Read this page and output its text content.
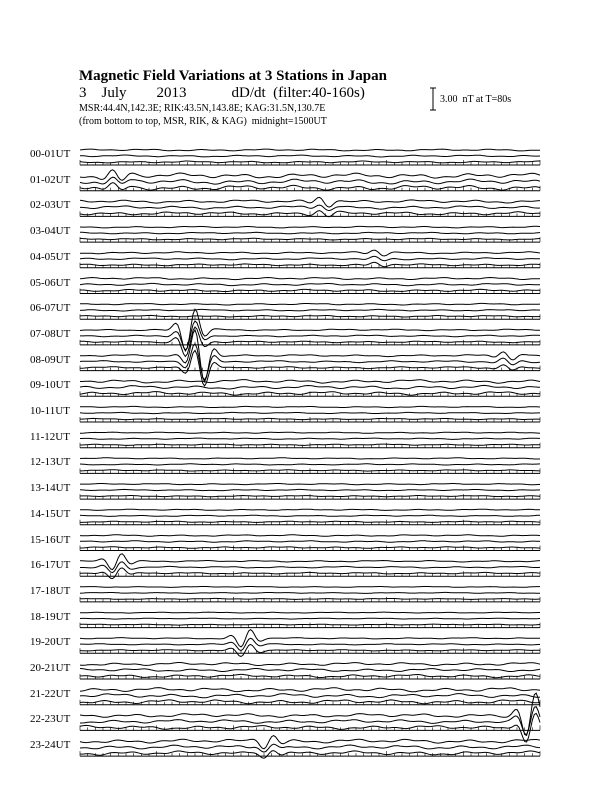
Magnetic Field Variations at 3 Stations in Japan
3    July        2013            dD/dt  (filter:40-160s)
MSR:44.4N,142.3E; RIK:43.5N,143.8E; KAG:31.5N,130.7E
(from bottom to top, MSR, RIK, & KAG)  midnight=1500UT
3.00  nT at T=80s
00-01UT
01-02UT
02-03UT
03-04UT
04-05UT
05-06UT
06-07UT
07-08UT
08-09UT
09-10UT
10-11UT
11-12UT
12-13UT
13-14UT
14-15UT
15-16UT
16-17UT
17-18UT
18-19UT
19-20UT
20-21UT
21-22UT
22-23UT
23-24UT
